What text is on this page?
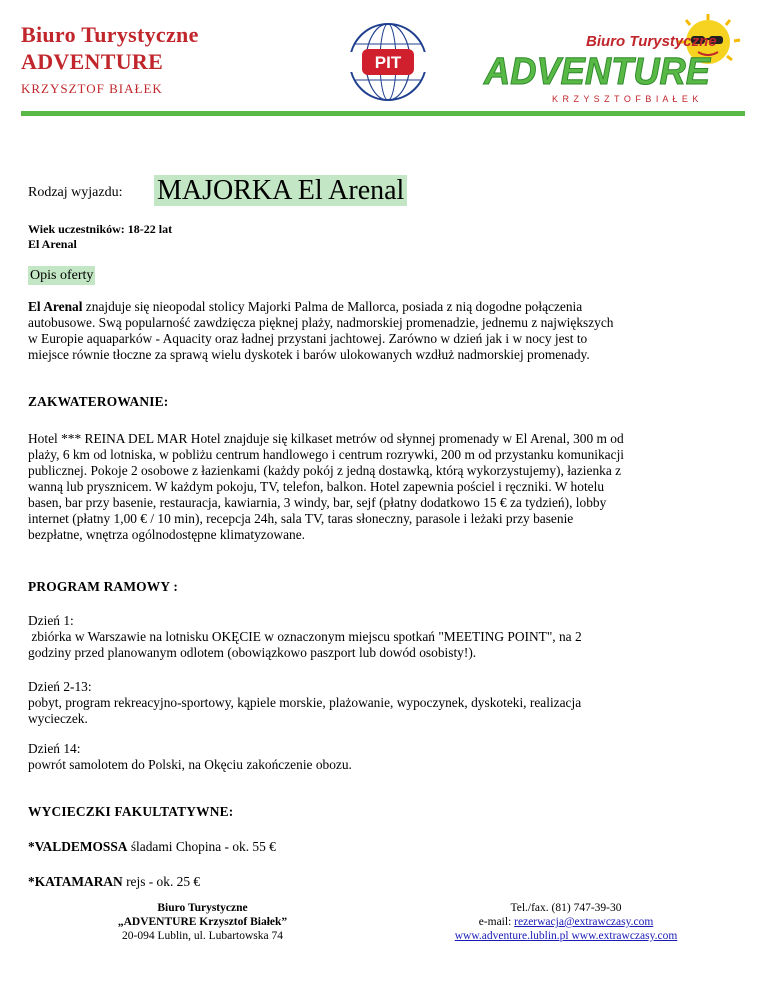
Biuro Turystyczne
ADVENTURE
KRZYSZTOF BIAŁEK
PIT
Biuro Turystyczne
ADVENTURE
K R Z Y S Z T O F B I A Ł E K
Rodzaj wyjazdu: MAJORKA El Arenal
Wiek uczestników: 18-22 lat
El Arenal
Opis oferty
El Arenal znajduje się nieopodal stolicy Majorki Palma de Mallorca, posiada z nią dogodne połączenia
autobusowe. Swą popularność zawdzięcza pięknej plaży, nadmorskiej promenadzie, jednemu z największych
w Europie aquaparków - Aquacity oraz ładnej przystani jachtowej. Zarówno w dzień jak i w nocy jest to
miejsce równie tłoczne za sprawą wielu dyskotek i barów ulokowanych wzdłuż nadmorskiej promenady.
ZAKWATEROWANIE:
Hotel *** REINA DEL MAR Hotel znajduje się kilkaset metrów od słynnej promenady w El Arenal, 300 m od
plaży, 6 km od lotniska, w pobliżu centrum handlowego i centrum rozrywki, 200 m od przystanku komunikacji
publicznej. Pokoje 2 osobowe z łazienkami (każdy pokój z jedną dostawką, którą wykorzystujemy), łazienka z
wanną lub prysznicem. W każdym pokoju, TV, telefon, balkon. Hotel zapewnia pościel i ręczniki. W hotelu
basen, bar przy basenie, restauracja, kawiarnia, 3 windy, bar, sejf (płatny dodatkowo 15 € za tydzień), lobby
internet (płatny 1,00 € / 10 min), recepcja 24h, sala TV, taras słoneczny, parasole i leżaki przy basenie
bezpłatne, wnętrza ogólnodostępne klimatyzowane.
PROGRAM RAMOWY :
Dzień 1:
zbiórka w Warszawie na lotnisku OKĘCIE w oznaczonym miejscu spotkań "MEETING POINT", na 2
godziny przed planowanym odlotem (obowiązkowo paszport lub dowód osobisty!).
Dzień 2-13:
pobyt, program rekreacyjno-sportowy, kąpiele morskie, plażowanie, wypoczynek, dyskoteki, realizacja
wycieczek.
Dzień 14:
powrót samolotem do Polski, na Okęciu zakończenie obozu.
WYCIECZKI FAKULTATYWNE:
*VALDEMOSSA śladami Chopina - ok. 55 €
*KATAMARAN rejs - ok. 25 €
Biuro Turystyczne
„ADVENTURE Krzysztof Białek”
20-094 Lublin, ul. Lubartowska 74
Tel./fax. (81) 747-39-30
e-mail: rezerwacja@extrawczasy.com
www.adventure.lublin.pl www.extrawczasy.com
